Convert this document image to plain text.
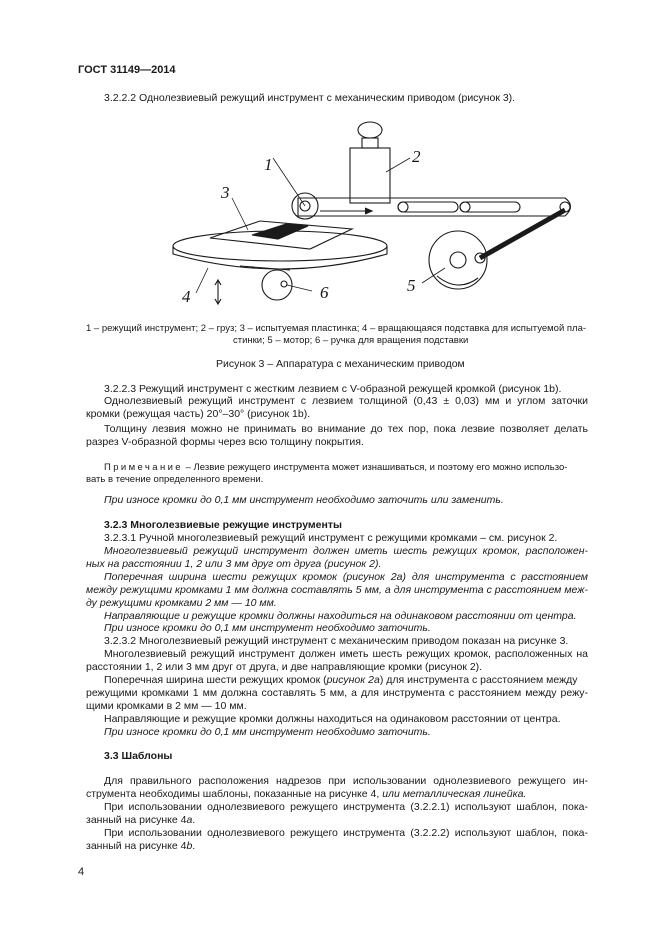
ГОСТ 31149—2014
3.2.2.2 Однолезвиевый режущий инструмент с механическим приводом (рисунок 3).
1	2
3
4
5
6
1 – режущий инструмент; 2 – груз; 3 – испытуемая пластинка; 4 – вращающаяся подставка для испытуемой пла-
стинки; 5 – мотор; 6 – ручка для вращения подставки
Рисунок 3 – Аппаратура с механическим приводом
3.2.2.3 Режущий инструмент с жестким лезвием с V-образной режущей кромкой (рисунок 1b).
Однолезвиевый режущий инструмент с лезвием толщиной (0,43 ± 0,03) мм и углом заточки
кромки (режущая часть) 20°–30° (рисунок 1b).
Толщину лезвия можно не принимать во внимание до тех пор, пока лезвие позволяет делать
разрез V-образной формы через всю толщину покрытия.
Примечание – Лезвие режущего инструмента может изнашиваться, и поэтому его можно использо-
вать в течение определенного времени.
При износе кромки до 0,1 мм инструмент необходимо заточить или заменить.
3.2.3 Многолезвиевые режущие инструменты
3.2.3.1 Ручной многолезвиевый режущий инструмент с режущими кромками – см. рисунок 2.
Многолезвиевый режущий инструмент должен иметь шесть режущих кромок, расположен-
ных на расстоянии 1, 2 или 3 мм друг от друга (рисунок 2).
Поперечная ширина шести режущих кромок (рисунок 2a) для инструмента с расстоянием
между режущими кромками 1 мм должна составлять 5 мм, а для инструмента с расстоянием меж-
ду режущими кромками 2 мм — 10 мм.
Направляющие и режущие кромки должны находиться на одинаковом расстоянии от центра.
При износе кромки до 0,1 мм инструмент необходимо заточить.
3.2.3.2 Многолезвиевый режущий инструмент с механическим приводом показан на рисунке 3.
Многолезвиевый режущий инструмент должен иметь шесть режущих кромок, расположенных на
расстоянии 1, 2 или 3 мм друг от друга, и две направляющие кромки (рисунок 2).
Поперечная ширина шести режущих кромок (рисунок 2a) для инструмента с расстоянием между
режущими кромками 1 мм должна составлять 5 мм, а для инструмента с расстоянием между режу-
щими кромками в 2 мм — 10 мм.
Направляющие и режущие кромки должны находиться на одинаковом расстоянии от центра.
При износе кромки до 0,1 мм инструмент необходимо заточить.
3.3 Шаблоны
Для правильного расположения надрезов при использовании однолезвиевого режущего ин-
струмента необходимы шаблоны, показанные на рисунке 4, или металлическая линейка.
При использовании однолезвиевого режущего инструмента (3.2.2.1) используют шаблон, пока-
занный на рисунке 4a.
При использовании однолезвиевого режущего инструмента (3.2.2.2) используют шаблон, пока-
занный на рисунке 4b.
4
